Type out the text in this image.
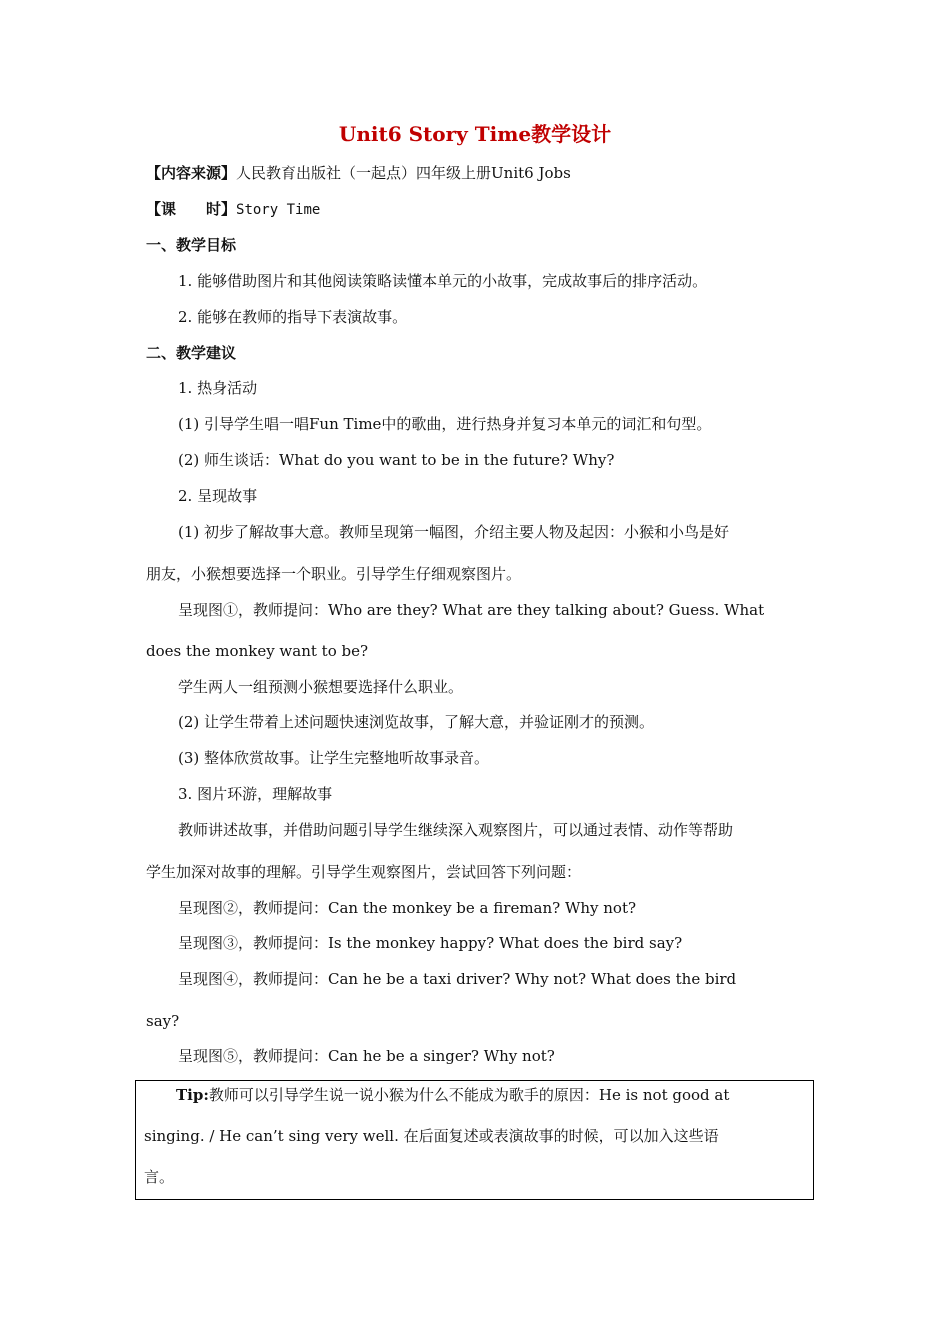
Unit6 Story Time教学设计
【内容来源】人民教育出版社（一起点）四年级上册Unit6 Jobs
【课　　时】Story Time
一、教学目标
1. 能够借助图片和其他阅读策略读懂本单元的小故事，完成故事后的排序活动。
2. 能够在教师的指导下表演故事。
二、教学建议
1. 热身活动
(1) 引导学生唱一唱Fun Time中的歌曲，进行热身并复习本单元的词汇和句型。
(2) 师生谈话：What do you want to be in the future? Why?
2. 呈现故事
(1) 初步了解故事大意。教师呈现第一幅图，介绍主要人物及起因：小猴和小鸟是好
朋友，小猴想要选择一个职业。引导学生仔细观察图片。
呈现图①，教师提问：Who are they? What are they talking about? Guess. What
does the monkey want to be?
学生两人一组预测小猴想要选择什么职业。
(2) 让学生带着上述问题快速浏览故事，了解大意，并验证刚才的预测。
(3) 整体欣赏故事。让学生完整地听故事录音。
3. 图片环游，理解故事
教师讲述故事，并借助问题引导学生继续深入观察图片，可以通过表情、动作等帮助
学生加深对故事的理解。引导学生观察图片，尝试回答下列问题：
呈现图②，教师提问：Can the monkey be a fireman? Why not?
呈现图③，教师提问：Is the monkey happy? What does the bird say?
呈现图④，教师提问：Can he be a taxi driver? Why not? What does the bird
say?
呈现图⑤，教师提问：Can he be a singer? Why not?
Tip:教师可以引导学生说一说小猴为什么不能成为歌手的原因：He is not good at
singing. / He can’t sing very well. 在后面复述或表演故事的时候，可以加入这些语
言。
